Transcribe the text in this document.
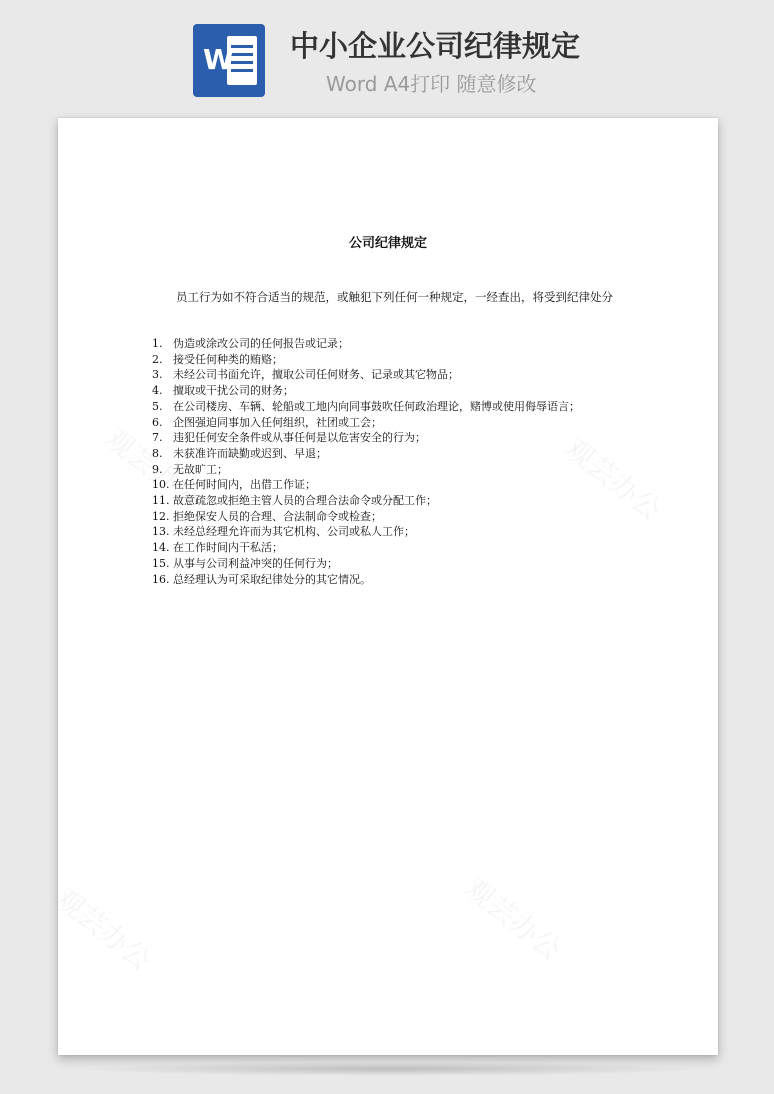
W 中小企业公司纪律规定
Word A4打印 随意修改
公司纪律规定
员工行为如不符合适当的规范，或触犯下列任何一种规定，一经查出，将受到纪律处分
1. 伪造或涂改公司的任何报告或记录；
2. 接受任何种类的贿赂；
3. 未经公司书面允许，擅取公司任何财务、记录或其它物品；
4. 擅取或干扰公司的财务；
5. 在公司楼房、车辆、轮船或工地内向同事鼓吹任何政治理论，赌博或使用侮辱语言；
6. 企图强迫同事加入任何组织，社团或工会；
7. 违犯任何安全条件或从事任何是以危害安全的行为；
8. 未获准许而缺勤或迟到、早退；
9. 无故旷工；
10. 在任何时间内，出借工作证；
11. 故意疏忽或拒绝主管人员的合理合法命令或分配工作；
12. 拒绝保安人员的合理、合法制命令或检查；
13. 未经总经理允许而为其它机构、公司或私人工作；
14. 在工作时间内干私活；
15. 从事与公司利益冲突的任何行为；
16. 总经理认为可采取纪律处分的其它情况。
